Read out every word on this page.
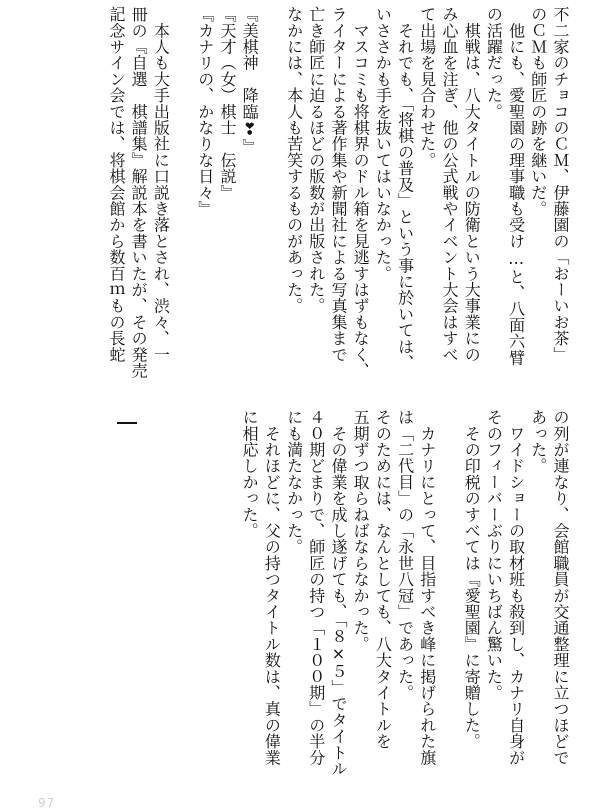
不二家のチョコのＣＭ、伊藤園の「おーいお茶」
のＣＭも師匠の跡を継いだ。
　他にも、愛聖園の理事職も受け…と、八面六臂
の活躍だった。
　棋戦は、八大タイトルの防衛という大事業にの
み心血を注ぎ、他の公式戦やイベント大会はすべ
て出場を見合わせた。
　それでも、「将棋の普及」という事に於いては、
いささかも手を抜いてはいなかった。
　マスコミも将棋界のドル箱を見逃すはずもなく、
ライターによる著作集や新聞社による写真集まで
亡き師匠に迫るほどの版数が出版された。
なかには、本人も苦笑するものがあった。

『美棋神　降臨❣』
『天才（女）棋士　伝説』
『カナリの、かなりな日々』

　本人も大手出版社に口説き落とされ、渋々、一
冊の『自選　棋譜集』解説本を書いたが、その発売
記念サイン会では、将棋会館から数百ｍもの長蛇

の列が連なり、会館職員が交通整理に立つほどで
あった。
　ワイドショーの取材班も殺到し、カナリ自身が
そのフィーバーぶりにいちばん驚いた。
　その印税のすべては『愛聖園』に寄贈した。

　カナリにとって、目指すべき峰に掲げられた旗
は「二代目」の「永世八冠」であった。
そのためには、なんとしても、八大タイトルを
五期ずつ取らねばならなかった。
　その偉業を成し遂げても、「８×５」でタイトル
４０期どまりで、師匠の持つ「１００期」の半分
にも満たなかった。
　それほどに、父の持つタイトル数は、真の偉業
に相応しかった。

97
